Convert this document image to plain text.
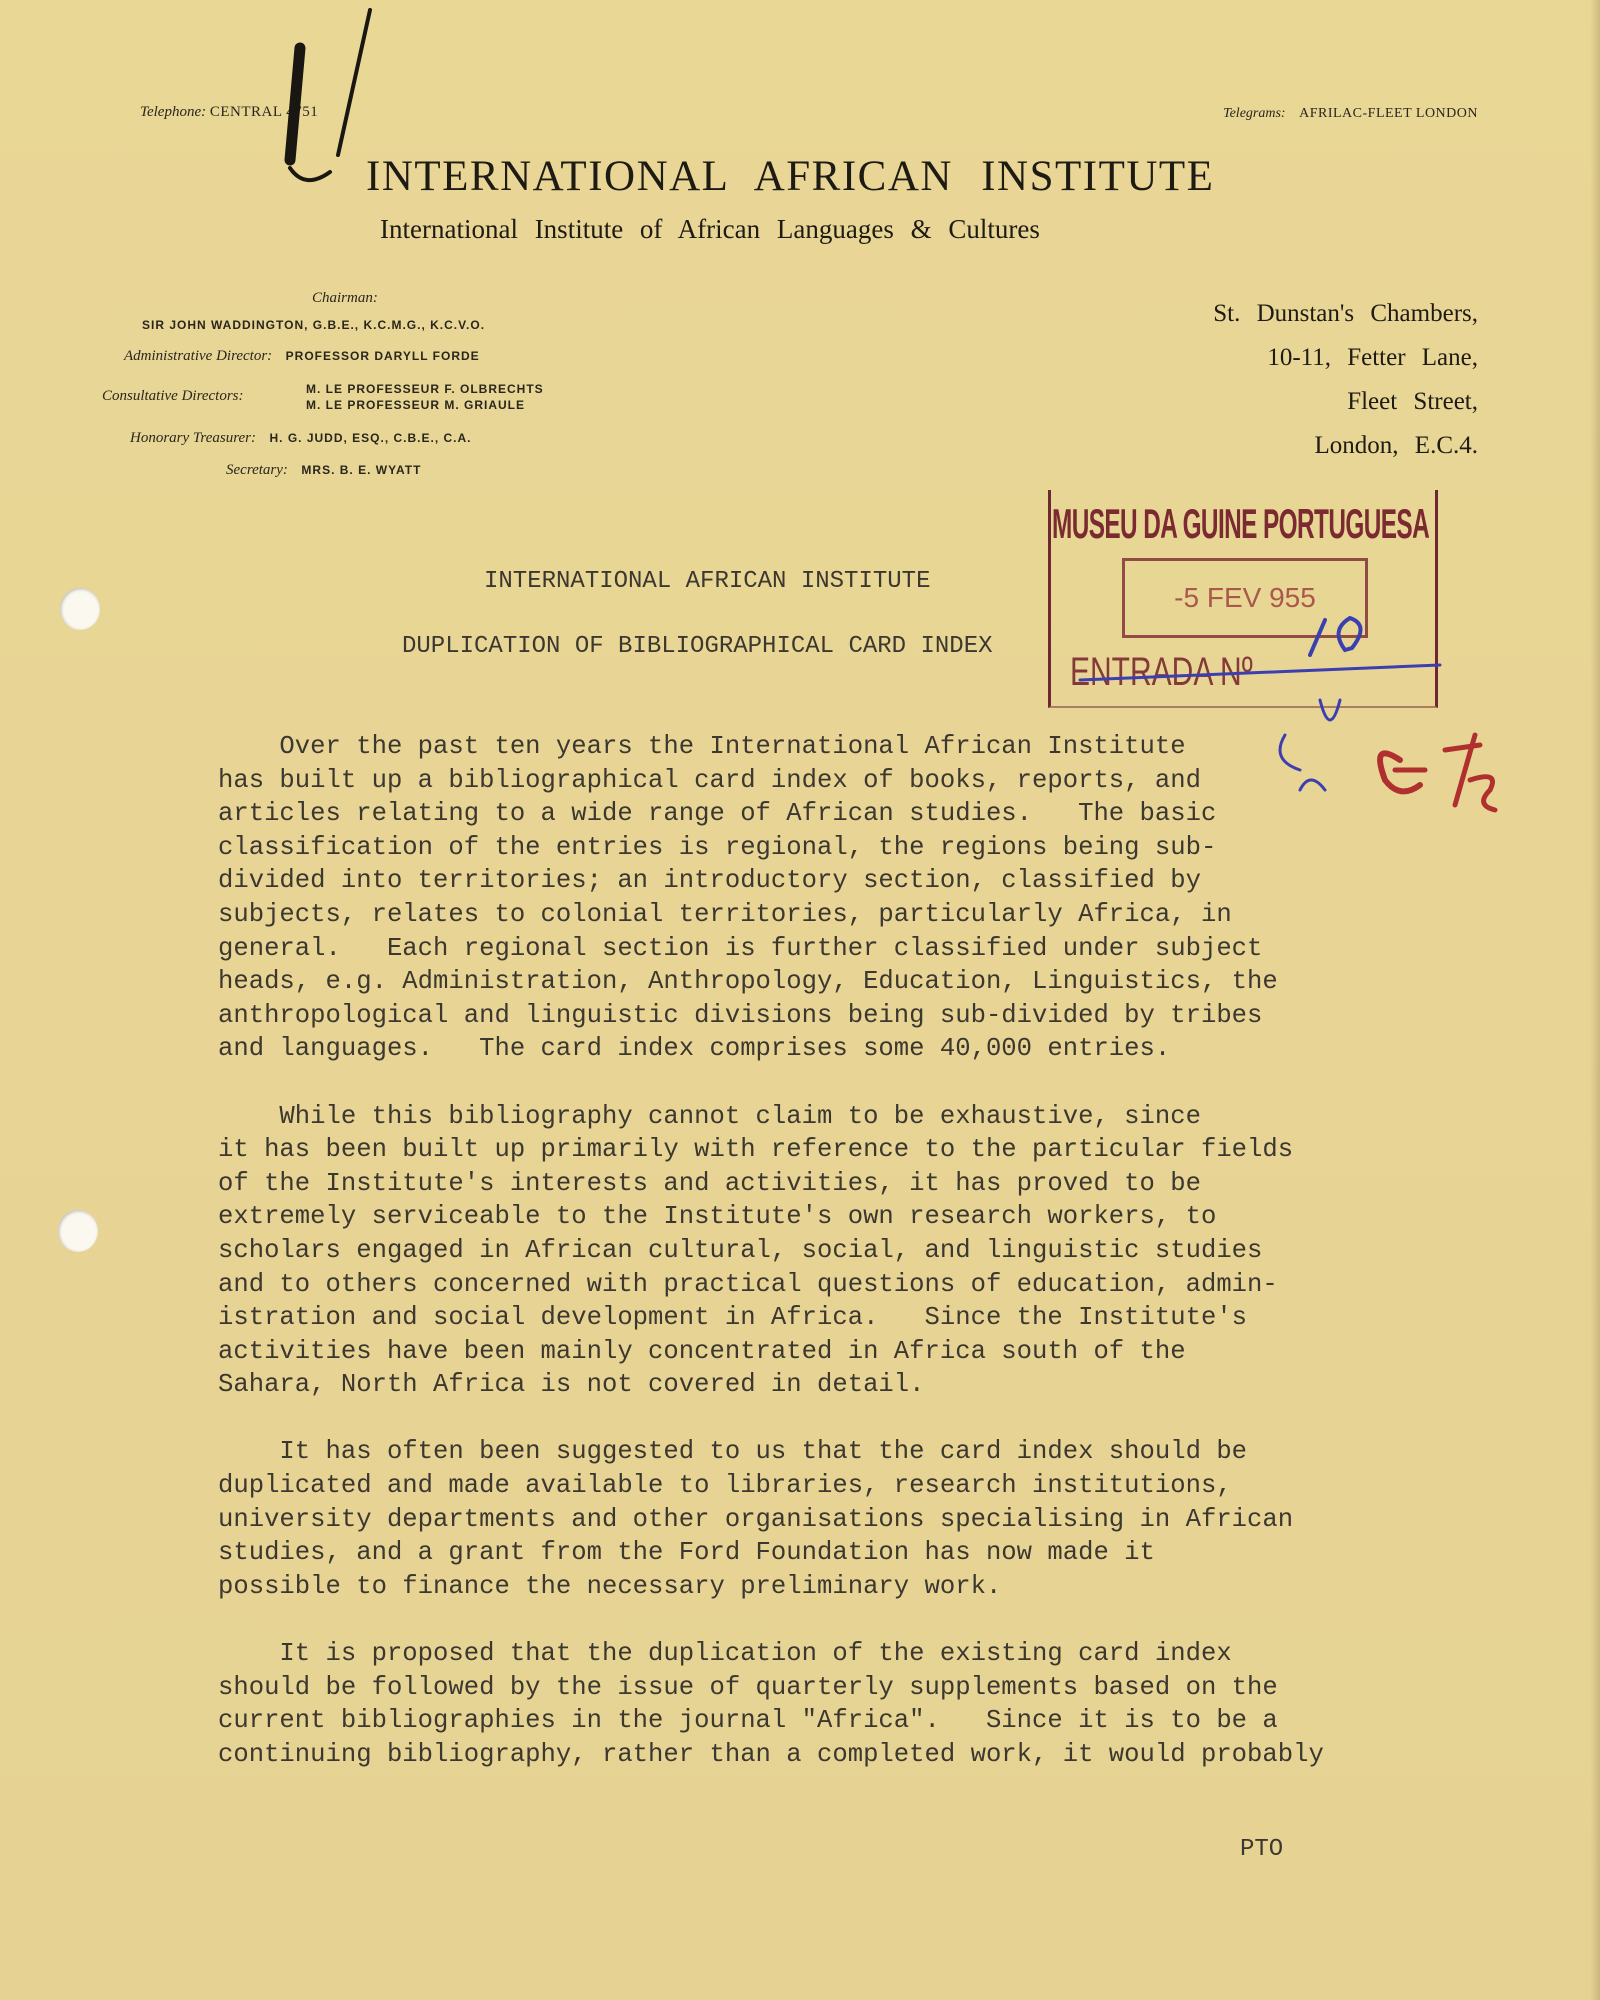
Telephone: CENTRAL 4751	Telegrams: AFRILAC-FLEET LONDON
INTERNATIONAL AFRICAN INSTITUTE
International Institute of African Languages & Cultures
Chairman:
SIR JOHN WADDINGTON, G.B.E., K.C.M.G., K.C.V.O.
Administrative Director: PROFESSOR DARYLL FORDE
Consultative Directors:	M. LE PROFESSEUR F. OLBRECHTS
M. LE PROFESSEUR M. GRIAULE
Honorary Treasurer: H. G. JUDD, ESQ., C.B.E., C.A.
Secretary: MRS. B. E. WYATT
St. Dunstan's Chambers,
10-11, Fetter Lane,
Fleet Street,
London, E.C.4.
MUSEU DA GUINE PORTUGUESA
-5 FEV 955
ENTRADA Nº
INTERNATIONAL AFRICAN INSTITUTE
DUPLICATION OF BIBLIOGRAPHICAL CARD INDEX

Over the past ten years the International African Institute
has built up a bibliographical card index of books, reports, and
articles relating to a wide range of African studies.   The basic
classification of the entries is regional, the regions being sub-
divided into territories; an introductory section, classified by
subjects, relates to colonial territories, particularly Africa, in
general.   Each regional section is further classified under subject
heads, e.g. Administration, Anthropology, Education, Linguistics, the
anthropological and linguistic divisions being sub-divided by tribes
and languages.   The card index comprises some 40,000 entries.

While this bibliography cannot claim to be exhaustive, since
it has been built up primarily with reference to the particular fields
of the Institute's interests and activities, it has proved to be
extremely serviceable to the Institute's own research workers, to
scholars engaged in African cultural, social, and linguistic studies
and to others concerned with practical questions of education, admin-
istration and social development in Africa.   Since the Institute's
activities have been mainly concentrated in Africa south of the
Sahara, North Africa is not covered in detail.

It has often been suggested to us that the card index should be
duplicated and made available to libraries, research institutions,
university departments and other organisations specialising in African
studies, and a grant from the Ford Foundation has now made it
possible to finance the necessary preliminary work.

It is proposed that the duplication of the existing card index
should be followed by the issue of quarterly supplements based on the
current bibliographies in the journal "Africa".   Since it is to be a
continuing bibliography, rather than a completed work, it would probably

PTO
